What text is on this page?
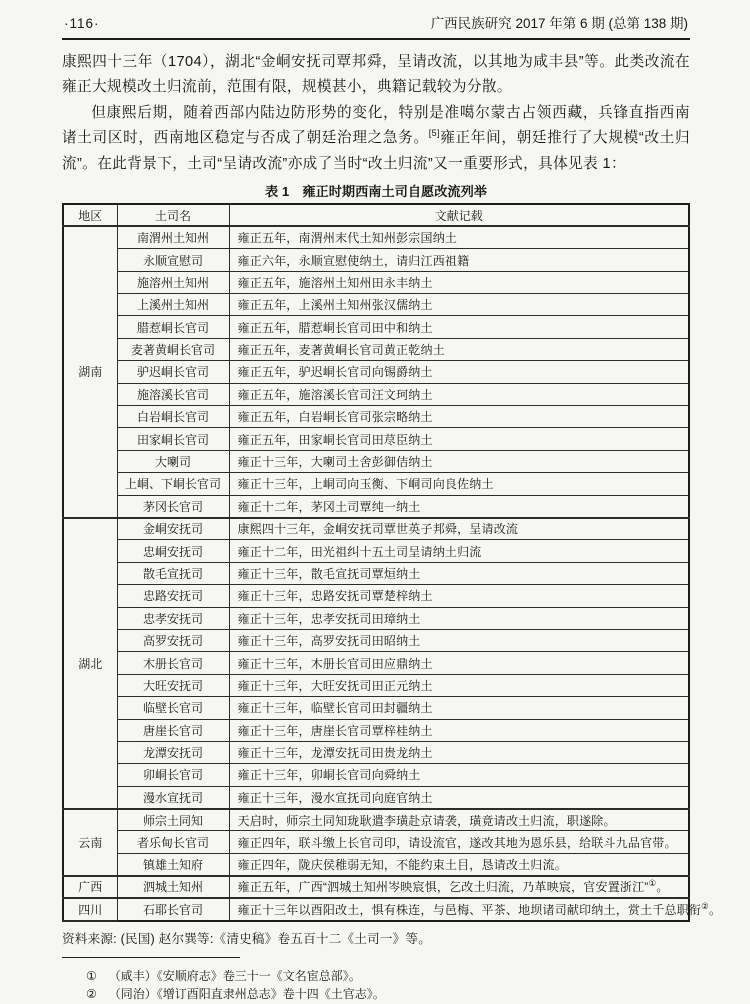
·116·	广西民族研究 2017 年第 6 期 (总第 138 期)

康熙四十三年（1704），湖北“金峒安抚司覃邦舜，呈请改流，以其地为咸丰县”等。此类改流在雍正大规模改土归流前，范围有限，规模甚小，典籍记载较为分散。

但康熙后期，随着西部内陆边防形势的变化，特别是准噶尔蒙古占领西藏，兵锋直指西南诸土司区时，西南地区稳定与否成了朝廷治理之急务。[5]雍正年间，朝廷推行了大规模“改土归流”。在此背景下，土司“呈请改流”亦成了当时“改土归流”又一重要形式，具体见表 1：

表 1　雍正时期西南土司自愿改流列举
地区	土司名	文献记载
湖南	南渭州土知州	雍正五年，南渭州末代土知州彭宗国纳土
	永顺宣慰司	雍正六年，永顺宣慰使纳土，请归江西祖籍
	施溶州土知州	雍正五年，施溶州土知州田永丰纳土
	上溪州土知州	雍正五年，上溪州土知州张汉儒纳土
	腊惹峒长官司	雍正五年，腊惹峒长官司田中和纳土
	麦著黄峒长官司	雍正五年，麦著黄峒长官司黄正乾纳土
	驴迟峒长官司	雍正五年，驴迟峒长官司向锡爵纳土
	施溶溪长官司	雍正五年，施溶溪长官司汪文珂纳土
	白岩峒长官司	雍正五年，白岩峒长官司张宗略纳土
	田家峒长官司	雍正五年，田家峒长官司田荩臣纳土
	大喇司	雍正十三年，大喇司土舍彭御佶纳土
	上峒、下峒长官司	雍正十三年，上峒司向玉衡、下峒司向良佐纳土
	茅冈长官司	雍正十二年，茅冈土司覃纯一纳土
湖北	金峒安抚司	康熙四十三年，金峒安抚司覃世英子邦舜，呈请改流
	忠峒安抚司	雍正十二年，田光祖纠十五土司呈请纳土归流
	散毛宣抚司	雍正十三年，散毛宣抚司覃烜纳土
	忠路安抚司	雍正十三年，忠路安抚司覃楚梓纳土
	忠孝安抚司	雍正十三年，忠孝安抚司田璋纳土
	高罗安抚司	雍正十三年，高罗安抚司田昭纳土
	木册长官司	雍正十三年，木册长官司田应鼎纳土
	大旺安抚司	雍正十三年，大旺安抚司田正元纳土
	临壁长官司	雍正十三年，临壁长官司田封疆纳土
	唐崖长官司	雍正十三年，唐崖长官司覃梓桂纳土
	龙潭安抚司	雍正十三年，龙潭安抚司田贵龙纳土
	卯峒长官司	雍正十三年，卯峒长官司向舜纳土
	漫水宣抚司	雍正十三年，漫水宣抚司向庭官纳土
云南	师宗土同知	天启时，师宗土同知珑耿遣李璜赴京请袭，璜竟请改土归流，职遂除。
	者乐甸长官司	雍正四年，联斗缴上长官司印，请设流官，遂改其地为恩乐县，给联斗九品官带。
	镇雄土知府	雍正四年，陇庆侯稚弱无知，不能约束土目，恳请改土归流。
广西	泗城土知州	雍正五年，广西“泗城土知州岑映宸惧，乞改土归流，乃革映宸，官安置浙江”①。
四川	石耶长官司	雍正十三年以酉阳改土，惧有株连，与邑梅、平茶、地坝诸司献印纳土，赏土千总职衔②。
资料来源: (民国) 赵尔巽等:《清史稿》卷五百十二《土司一》等。
① （咸丰）《安顺府志》卷三十一《文名宦总部》。
② （同治）《增订酉阳直隶州总志》卷十四《土官志》。
